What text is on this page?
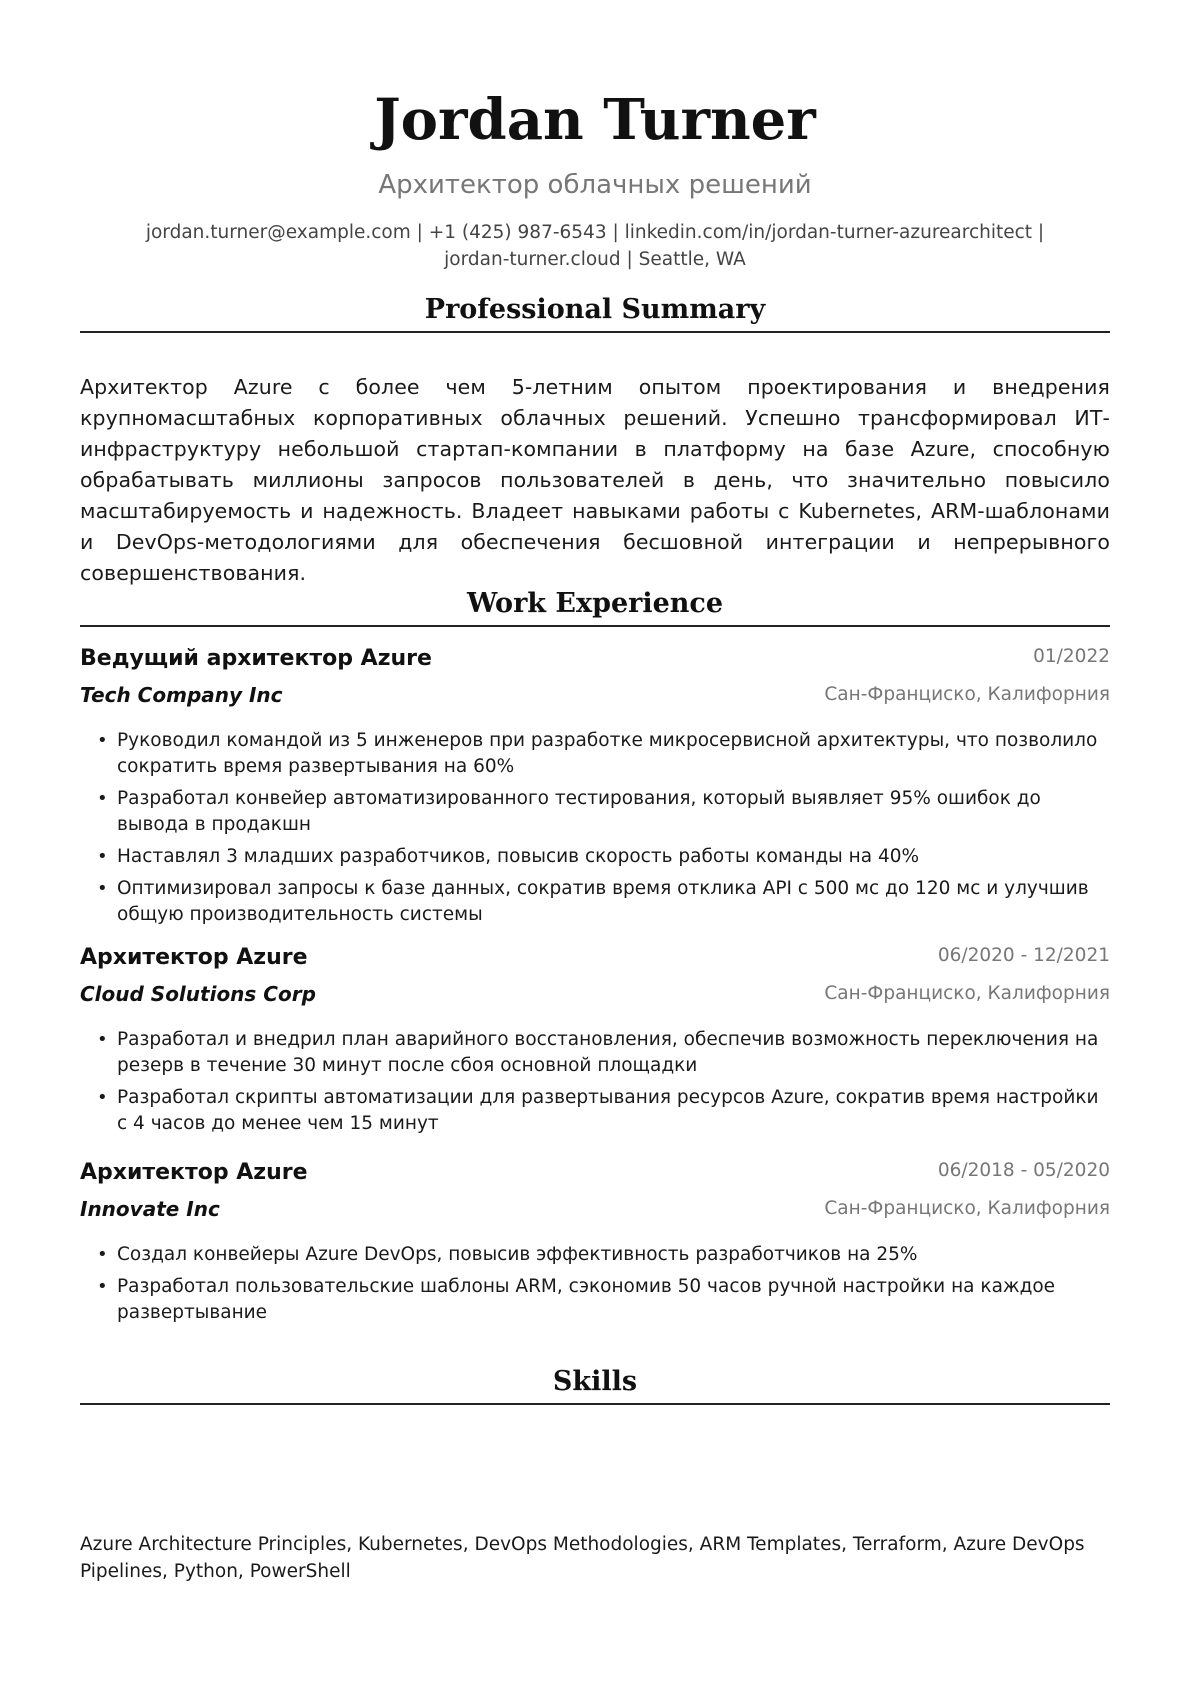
Jordan Turner
Архитектор облачных решений
jordan.turner@example.com | +1 (425) 987-6543 | linkedin.com/in/jordan-turner-azurearchitect |
jordan-turner.cloud | Seattle, WA
Professional Summary
Архитектор Azure с более чем 5-летним опытом проектирования и внедрения крупномасштабных корпоративных облачных решений. Успешно трансформировал ИТ-инфраструктуру небольшой стартап-компании в платформу на базе Azure, способную обрабатывать миллионы запросов пользователей в день, что значительно повысило масштабируемость и надежность. Владеет навыками работы с Kubernetes, ARM-шаблонами и DevOps-методологиями для обеспечения бесшовной интеграции и непрерывного совершенствования.
Work Experience
Ведущий архитектор Azure	01/2022
Tech Company Inc	Сан-Франциско, Калифорния
• Руководил командой из 5 инженеров при разработке микросервисной архитектуры, что позволило сократить время развертывания на 60%
• Разработал конвейер автоматизированного тестирования, который выявляет 95% ошибок до вывода в продакшн
• Наставлял 3 младших разработчиков, повысив скорость работы команды на 40%
• Оптимизировал запросы к базе данных, сократив время отклика API с 500 мс до 120 мс и улучшив общую производительность системы
Архитектор Azure	06/2020 - 12/2021
Cloud Solutions Corp	Сан-Франциско, Калифорния
• Разработал и внедрил план аварийного восстановления, обеспечив возможность переключения на резерв в течение 30 минут после сбоя основной площадки
• Разработал скрипты автоматизации для развертывания ресурсов Azure, сократив время настройки с 4 часов до менее чем 15 минут
Архитектор Azure	06/2018 - 05/2020
Innovate Inc	Сан-Франциско, Калифорния
• Создал конвейеры Azure DevOps, повысив эффективность разработчиков на 25%
• Разработал пользовательские шаблоны ARM, сэкономив 50 часов ручной настройки на каждое развертывание
Skills
Azure Architecture Principles, Kubernetes, DevOps Methodologies, ARM Templates, Terraform, Azure DevOps Pipelines, Python, PowerShell
